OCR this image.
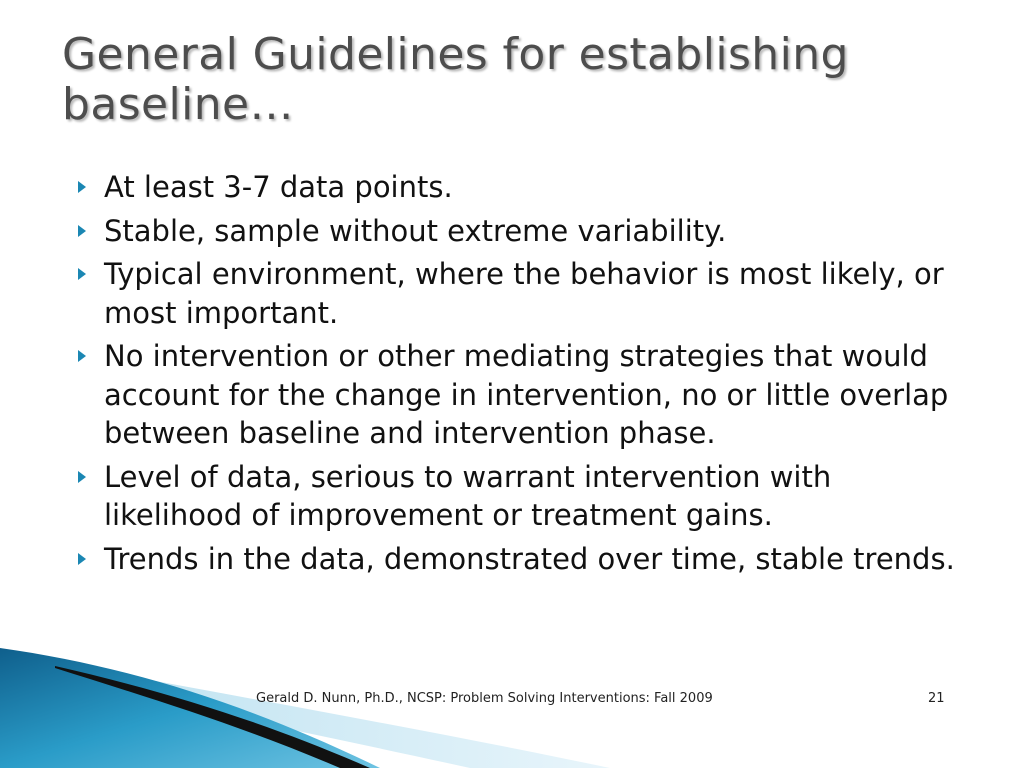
General Guidelines for establishing baseline…
At least 3-7 data points.
Stable, sample without extreme variability.
Typical environment, where the behavior is most likely, or most important.
No intervention or other mediating strategies that would account for the change in intervention, no or little overlap between baseline and intervention phase.
Level of data, serious to warrant intervention with likelihood of improvement or treatment gains.
Trends in the data, demonstrated over time, stable trends.
Gerald D. Nunn, Ph.D., NCSP: Problem Solving Interventions: Fall 2009	21
